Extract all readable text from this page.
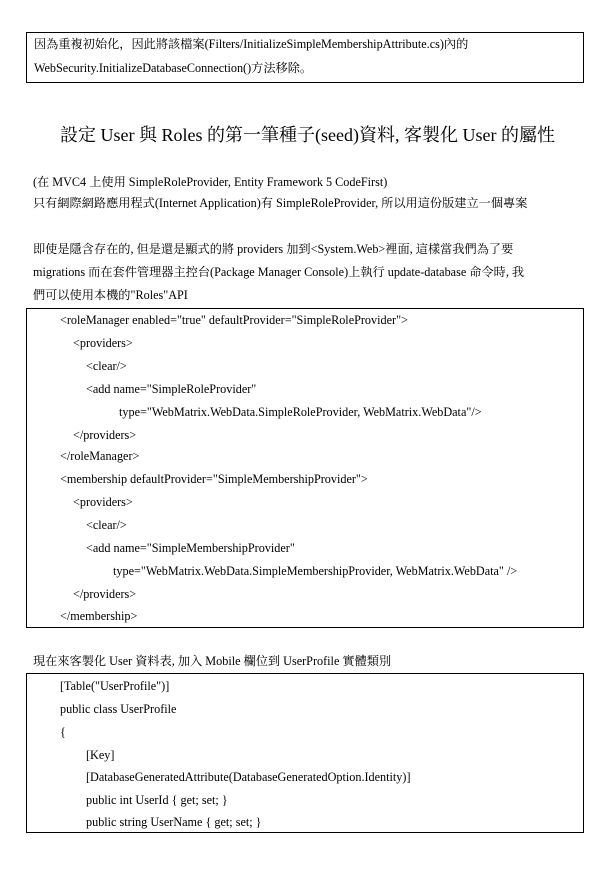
因為重複初始化，因此將該檔案(Filters/InitializeSimpleMembershipAttribute.cs)內的
WebSecurity.InitializeDatabaseConnection()方法移除。
設定 User 與 Roles 的第一筆種子(seed)資料, 客製化 User 的屬性
(在 MVC4 上使用 SimpleRoleProvider, Entity Framework 5 CodeFirst)
只有網際網路應用程式(Internet Application)有 SimpleRoleProvider, 所以用這份版建立一個專案
即使是隱含存在的, 但是還是顯式的將 providers 加到<System.Web>裡面, 這樣當我們為了要
migrations 而在套件管理器主控台(Package Manager Console)上執行 update-database 命令時, 我
們可以使用本機的"Roles"API
<roleManager enabled="true" defaultProvider="SimpleRoleProvider">
<providers>
<clear/>
<add name="SimpleRoleProvider"
type="WebMatrix.WebData.SimpleRoleProvider, WebMatrix.WebData"/>
</providers>
</roleManager>
<membership defaultProvider="SimpleMembershipProvider">
<providers>
<clear/>
<add name="SimpleMembershipProvider"
type="WebMatrix.WebData.SimpleMembershipProvider, WebMatrix.WebData" />
</providers>
</membership>
現在來客製化 User 資料表, 加入 Mobile 欄位到 UserProfile 實體類別
[Table("UserProfile")]
public class UserProfile
{
[Key]
[DatabaseGeneratedAttribute(DatabaseGeneratedOption.Identity)]
public int UserId { get; set; }
public string UserName { get; set; }
